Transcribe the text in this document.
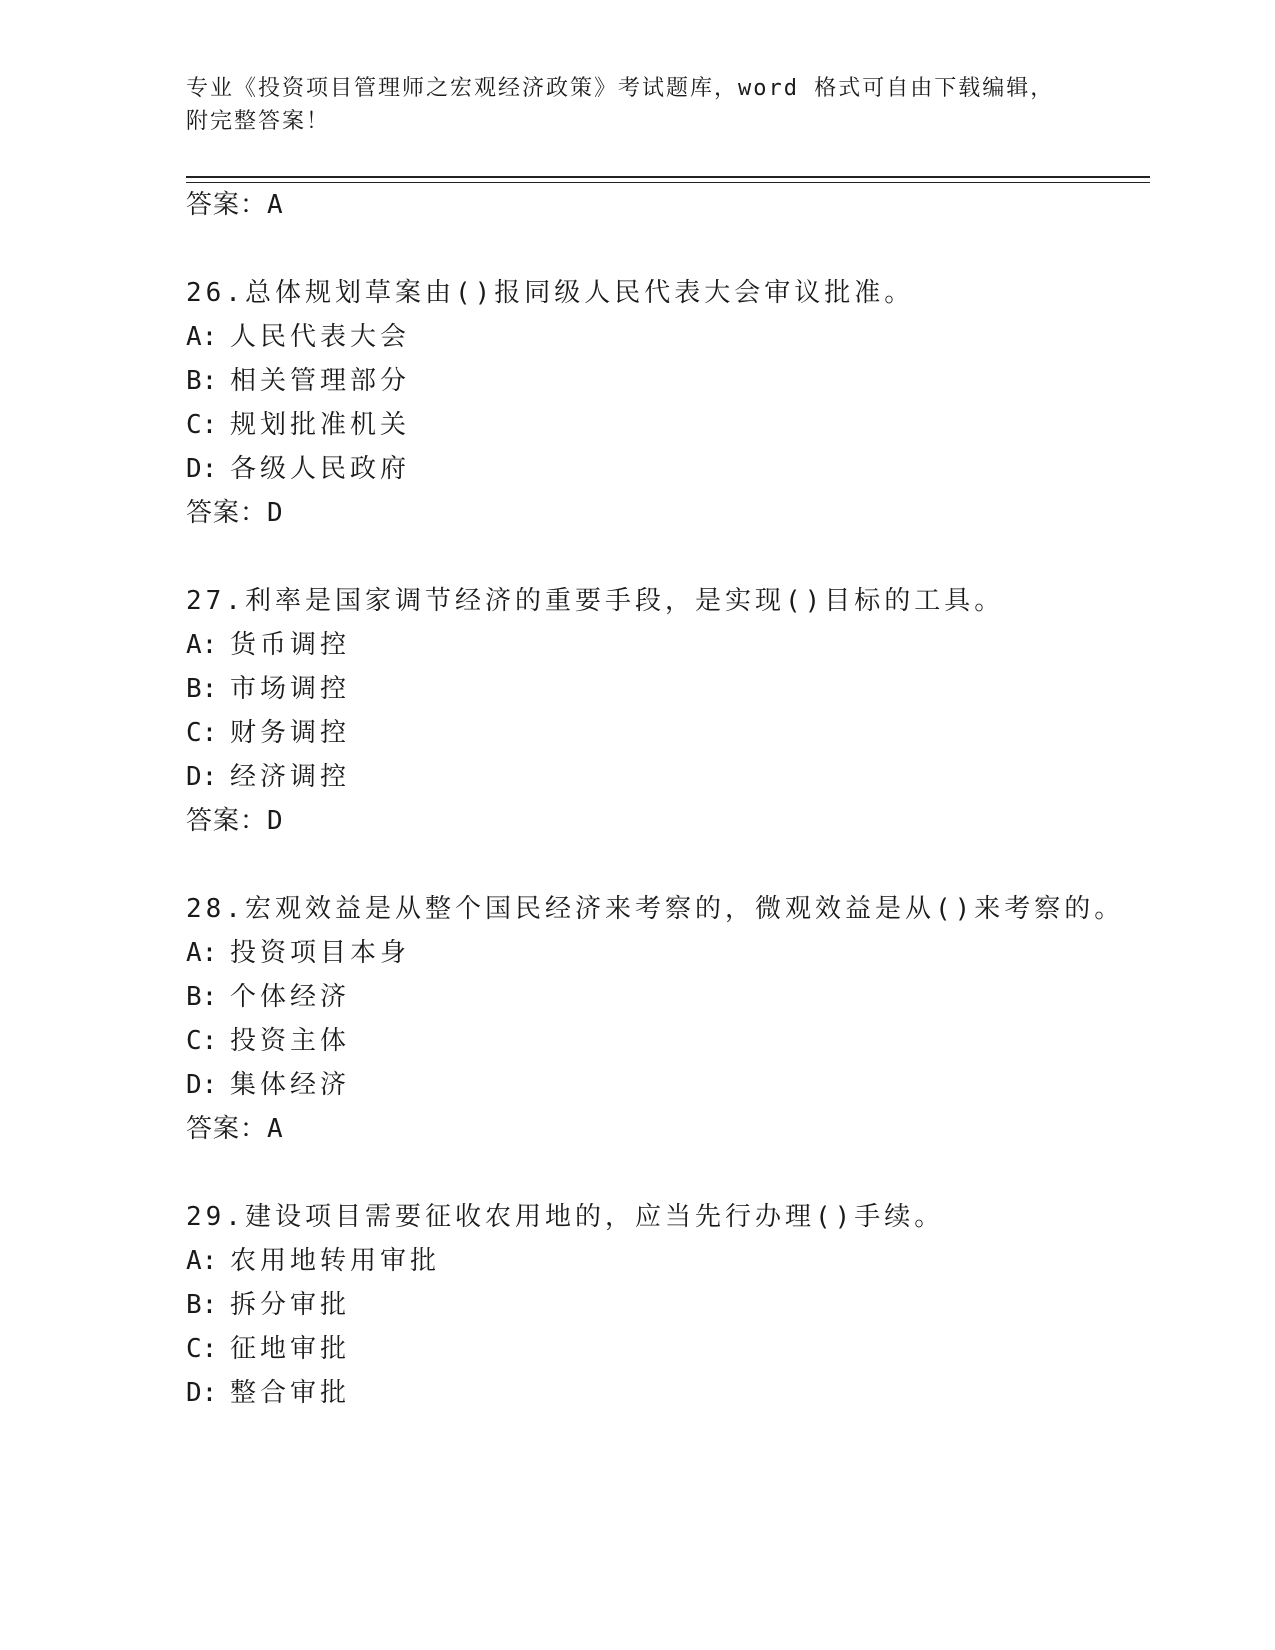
专业《投资项目管理师之宏观经济政策》考试题库，word 格式可自由下载编辑，
附完整答案！
答案：A
26.总体规划草案由()报同级人民代表大会审议批准。
A: 人民代表大会
B: 相关管理部分
C: 规划批准机关
D: 各级人民政府
答案：D
27.利率是国家调节经济的重要手段，是实现()目标的工具。
A: 货币调控
B: 市场调控
C: 财务调控
D: 经济调控
答案：D
28.宏观效益是从整个国民经济来考察的，微观效益是从()来考察的。
A: 投资项目本身
B: 个体经济
C: 投资主体
D: 集体经济
答案：A
29.建设项目需要征收农用地的，应当先行办理()手续。
A: 农用地转用审批
B: 拆分审批
C: 征地审批
D: 整合审批
